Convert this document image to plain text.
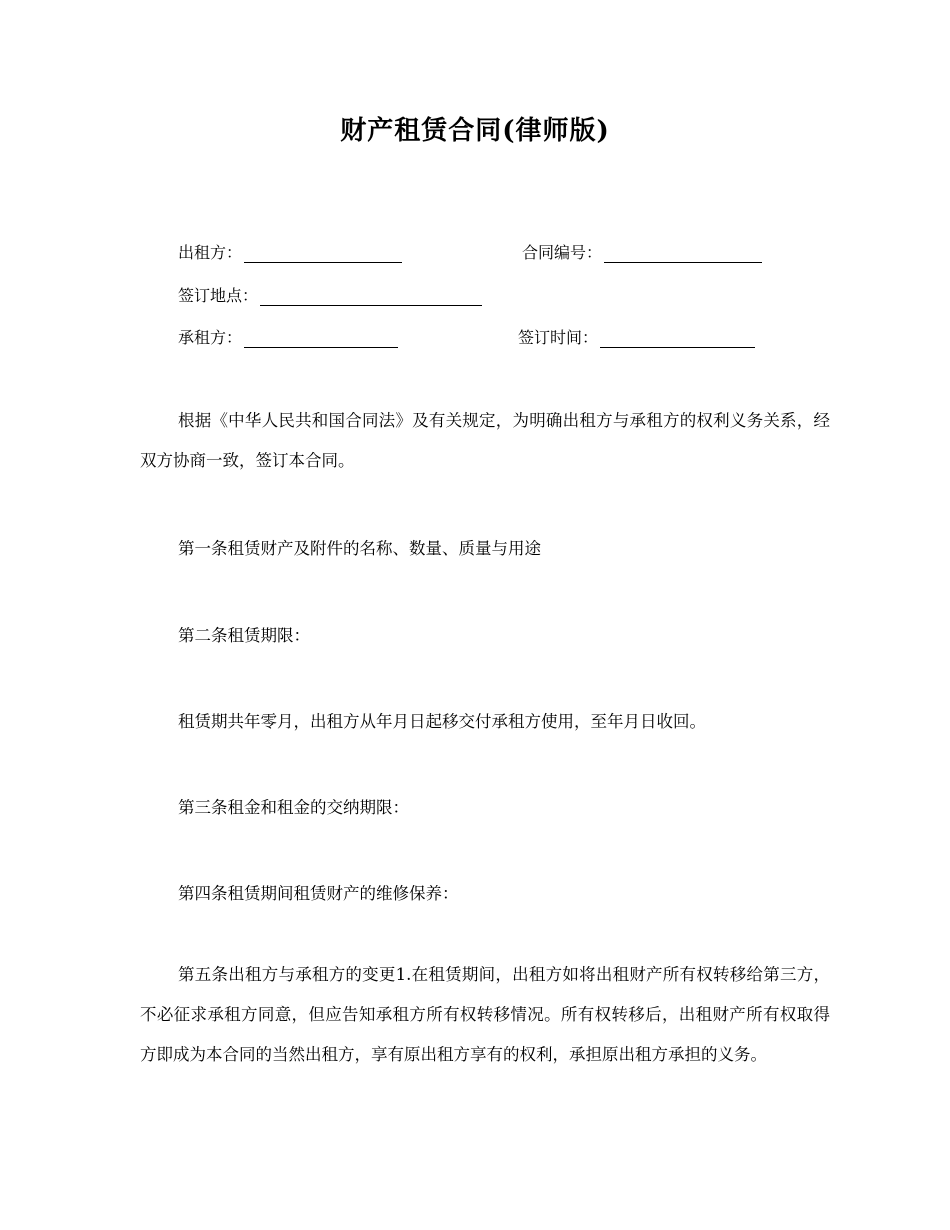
财产租赁合同(律师版)
出租方：	合同编号：
签订地点：
承租方：	签订时间：

根据《中华人民共和国合同法》及有关规定，为明确出租方与承租方的权利义务关系，经双方协商一致，签订本合同。

第一条租赁财产及附件的名称、数量、质量与用途

第二条租赁期限：

租赁期共年零月，出租方从年月日起移交付承租方使用，至年月日收回。

第三条租金和租金的交纳期限：

第四条租赁期间租赁财产的维修保养：

第五条出租方与承租方的变更1.在租赁期间，出租方如将出租财产所有权转移给第三方，不必征求承租方同意，但应告知承租方所有权转移情况。所有权转移后，出租财产所有权取得方即成为本合同的当然出租方，享有原出租方享有的权利，承担原出租方承担的义务。
